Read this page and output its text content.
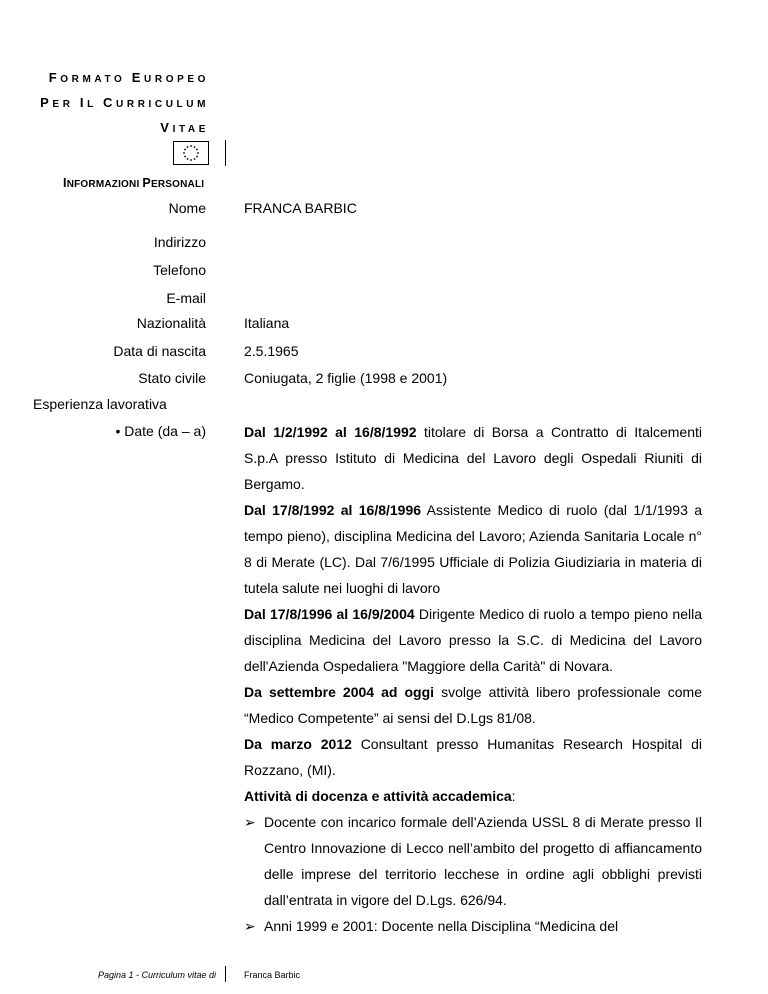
FORMATO EUROPEO
PER IL CURRICULUM
VITAE
INFORMAZIONI PERSONALI
Nome	FRANCA BARBIC
Indirizzo
Telefono
E-mail
Nazionalità	Italiana
Data di nascita	2.5.1965
Stato civile	Coniugata, 2 figlie (1998 e 2001)
Esperienza lavorativa
• Date (da – a)	Dal 1/2/1992 al 16/8/1992 titolare di Borsa a Contratto di Italcementi S.p.A presso Istituto di Medicina del Lavoro degli Ospedali Riuniti di Bergamo.

Dal 17/8/1992 al 16/8/1996 Assistente Medico di ruolo (dal 1/1/1993 a tempo pieno), disciplina Medicina del Lavoro; Azienda Sanitaria Locale n° 8 di Merate (LC). Dal 7/6/1995 Ufficiale di Polizia Giudiziaria in materia di tutela salute nei luoghi di lavoro

Dal 17/8/1996 al 16/9/2004 Dirigente Medico di ruolo a tempo pieno nella disciplina Medicina del Lavoro presso la S.C. di Medicina del Lavoro dell'Azienda Ospedaliera "Maggiore della Carità" di Novara.

Da settembre 2004 ad oggi svolge attività libero professionale come “Medico Competente” ai sensi del D.Lgs 81/08.

Da marzo 2012 Consultant presso Humanitas Research Hospital di Rozzano, (MI).

Attività di docenza e attività accademica:

➢ Docente con incarico formale dell’Azienda USSL 8 di Merate presso Il Centro Innovazione di Lecco nell’ambito del progetto di affiancamento delle imprese del territorio lecchese in ordine agli obblighi previsti dall’entrata in vigore del D.Lgs. 626/94.
➢ Anni 1999 e 2001: Docente nella Disciplina “Medicina del
Pagina 1 - Curriculum vitae di	Franca Barbic
